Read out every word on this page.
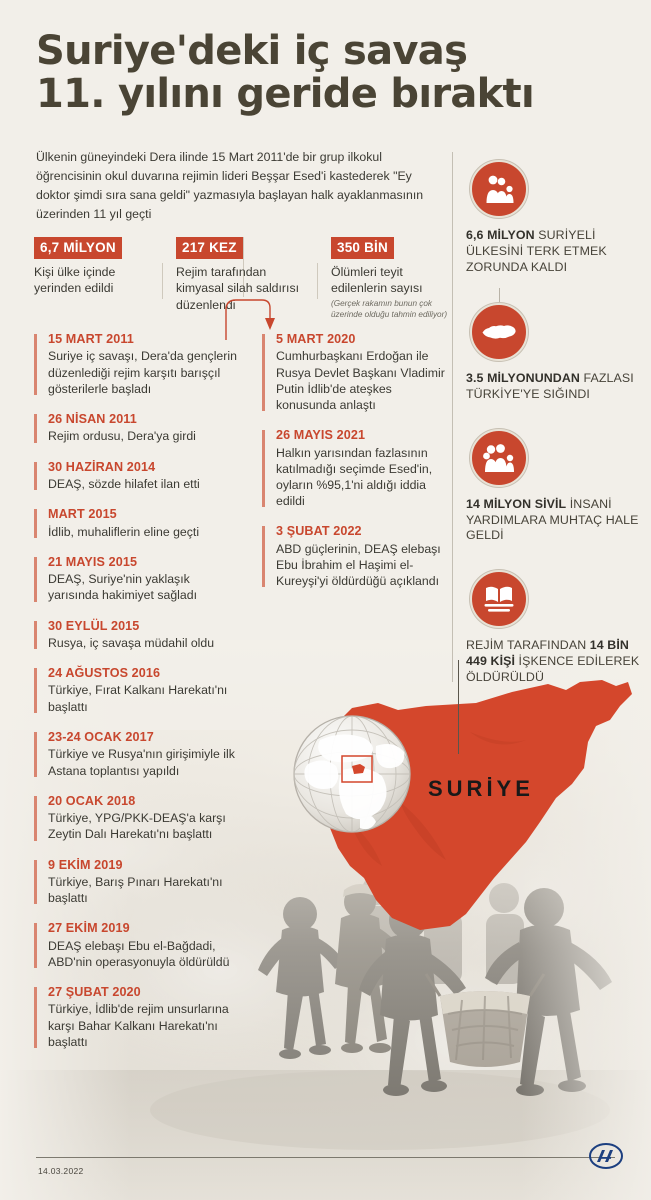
Suriye'deki iç savaş
11. yılını geride bıraktı

Ülkenin güneyindeki Dera ilinde 15 Mart 2011'de bir grup ilkokul öğrencisinin okul duvarına rejimin lideri Beşşar Esed'i kastederek "Ey doktor şimdi sıra sana geldi" yazmasıyla başlayan halk ayaklanmasının üzerinden 11 yıl geçti

6,7 MİLYON
Kişi ülke içinde yerinden edildi
217 KEZ
Rejim tarafından kimyasal silah saldırısı düzenlendi
350 BİN
Ölümleri teyit edilenlerin sayısı
(Gerçek rakamın bunun çok üzerinde olduğu tahmin ediliyor)
15 MART 2011
Suriye iç savaşı, Dera'da gençlerin düzenlediği rejim karşıtı barışçıl gösterilerle başladı
26 NİSAN 2011
Rejim ordusu, Dera'ya girdi
30 HAZİRAN 2014
DEAŞ, sözde hilafet ilan etti
MART 2015
İdlib, muhaliflerin eline geçti
21 MAYIS 2015
DEAŞ, Suriye'nin yaklaşık yarısında hakimiyet sağladı
30 EYLÜL 2015
Rusya, iç savaşa müdahil oldu
24 AĞUSTOS 2016
Türkiye, Fırat Kalkanı Harekatı'nı başlattı
23-24 OCAK 2017
Türkiye ve Rusya'nın girişimiyle ilk Astana toplantısı yapıldı
20 OCAK 2018
Türkiye, YPG/PKK-DEAŞ'a karşı Zeytin Dalı Harekatı'nı başlattı
9 EKİM 2019
Türkiye, Barış Pınarı Harekatı'nı başlattı
27 EKİM 2019
DEAŞ elebaşı Ebu el-Bağdadi, ABD'nin operasyonuyla öldürüldü
27 ŞUBAT 2020
Türkiye, İdlib'de rejim unsurlarına karşı Bahar Kalkanı Harekatı'nı başlattı
5 MART 2020
Cumhurbaşkanı Erdoğan ile Rusya Devlet Başkanı Vladimir Putin İdlib'de ateşkes konusunda anlaştı
26 MAYIS 2021
Halkın yarısından fazlasının katılmadığı seçimde Esed'in, oyların %95,1'ni aldığı iddia edildi
3 ŞUBAT 2022
ABD güçlerinin, DEAŞ elebaşı Ebu İbrahim el Haşimi el-Kureyşi'yi öldürdüğü açıklandı
6,6 MİLYON SURİYELİ ÜLKESİNİ TERK ETMEK ZORUNDA KALDI
3.5 MİLYONUNDAN FAZLASI TÜRKİYE'YE SIĞINDI
14 MİLYON SİVİL İNSANİ YARDIMLARA MUHTAÇ HALE GELDİ
REJİM TARAFINDAN 14 BİN 449 KİŞİ İŞKENCE EDİLEREK ÖLDÜRÜLDÜ
SURİYE
14.03.2022
